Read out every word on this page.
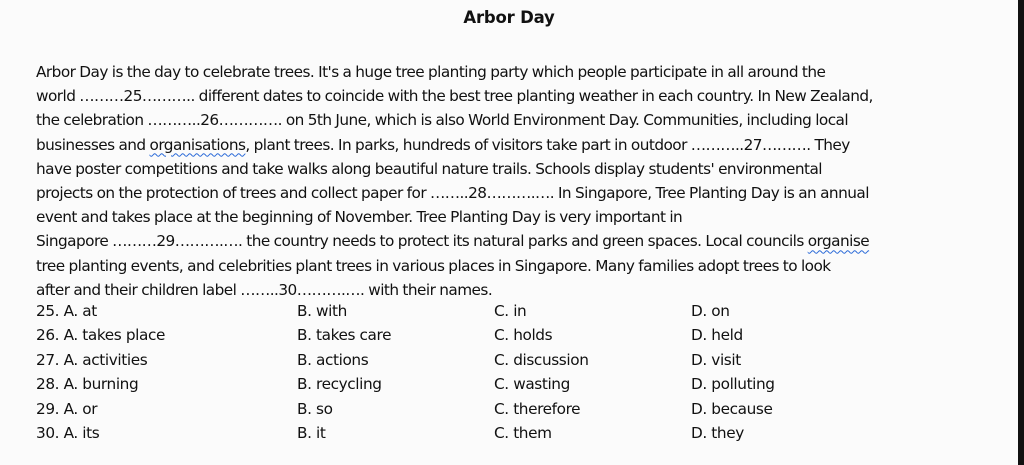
Arbor Day
Arbor Day is the day to celebrate trees. It's a huge tree planting party which people participate in all around the
world ………25……….. different dates to coincide with the best tree planting weather in each country. In New Zealand,
the celebration ………..26…………. on 5th June, which is also World Environment Day. Communities, including local
businesses and organisations, plant trees. In parks, hundreds of visitors take part in outdoor ………..27………. They
have poster competitions and take walks along beautiful nature trails. Schools display students' environmental
projects on the protection of trees and collect paper for ……..28……….…. In Singapore, Tree Planting Day is an annual
event and takes place at the beginning of November. Tree Planting Day is very important in
Singapore ………29……….…. the country needs to protect its natural parks and green spaces. Local councils organise
tree planting events, and celebrities plant trees in various places in Singapore. Many families adopt trees to look
after and their children label ……..30……….…. with their names.
25. A. at	B. with	C. in	D. on
26. A. takes place	B. takes care	C. holds	D. held
27. A. activities	B. actions	C. discussion	D. visit
28. A. burning	B. recycling	C. wasting	D. polluting
29. A. or	B. so	C. therefore	D. because
30. A. its	B. it	C. them	D. they
